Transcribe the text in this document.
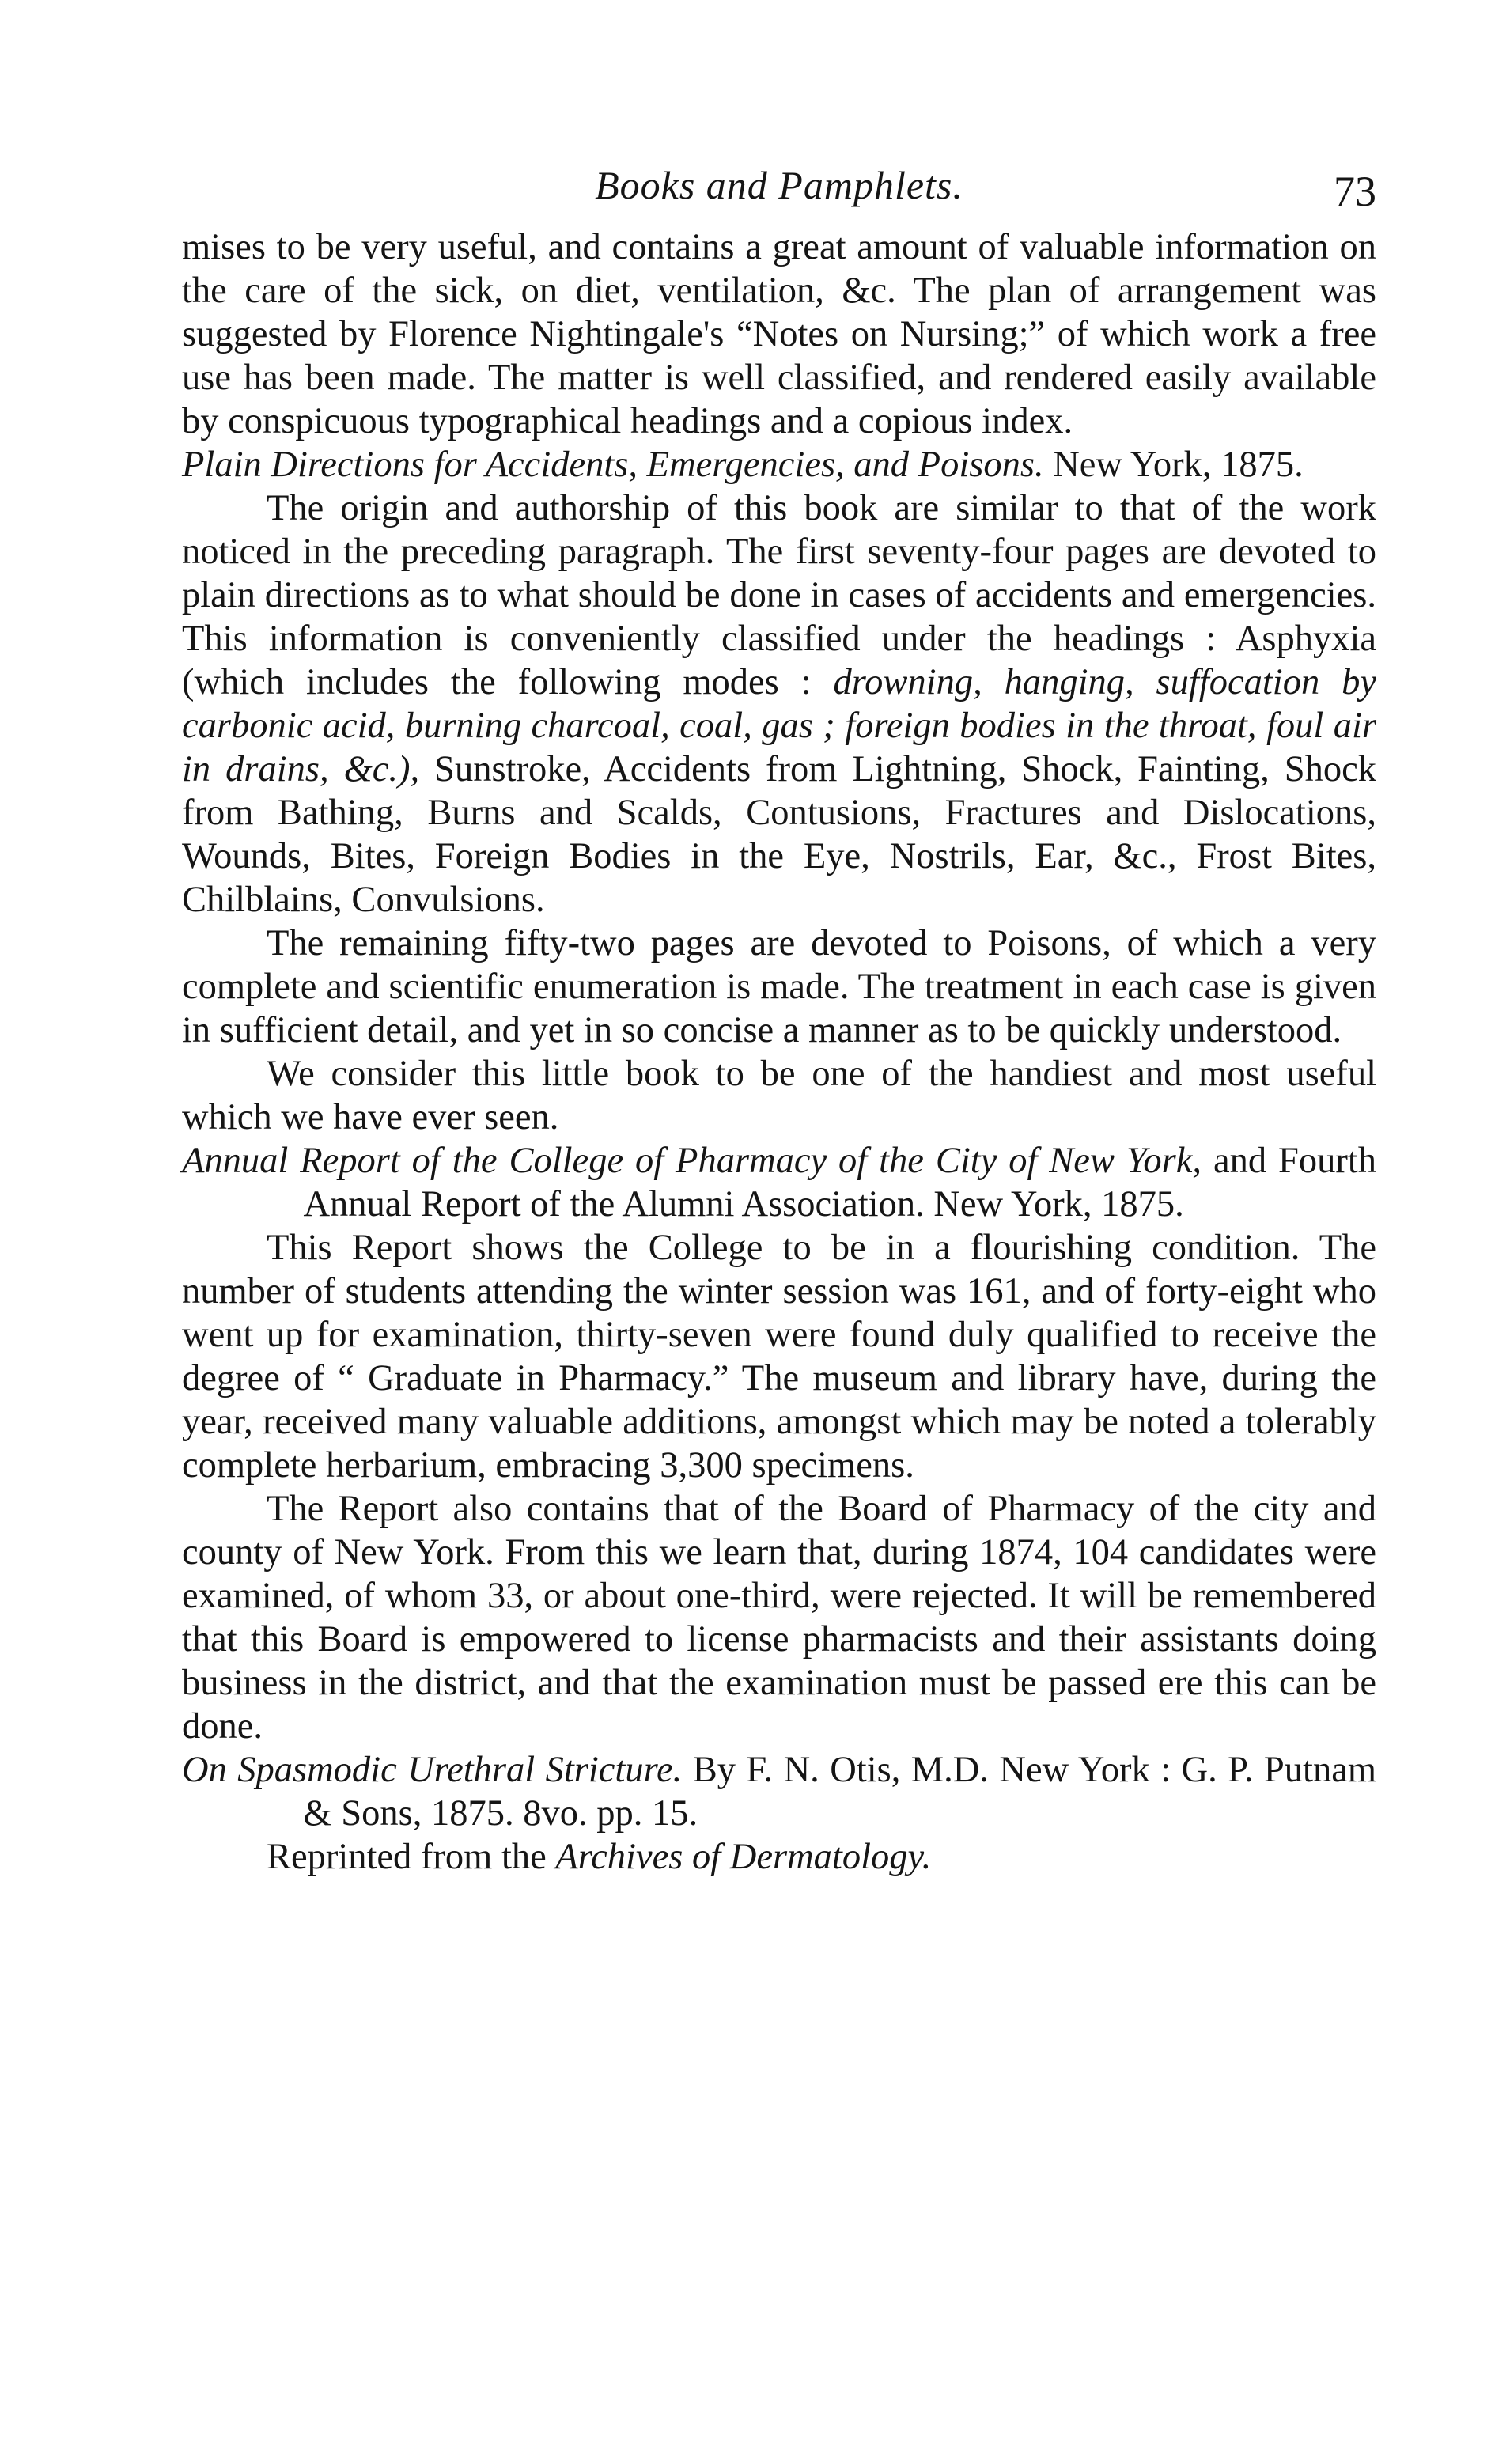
Books and Pamphlets.	73

mises to be very useful, and contains a great amount of valuable information on the care of the sick, on diet, ventilation, &c. The plan of arrangement was suggested by Florence Nightingale's “Notes on Nursing;” of which work a free use has been made. The matter is well classified, and rendered easily available by conspicuous typographical headings and a copious index.

Plain Directions for Accidents, Emergencies, and Poisons. New York, 1875.

The origin and authorship of this book are similar to that of the work noticed in the preceding paragraph. The first seventy-four pages are devoted to plain directions as to what should be done in cases of accidents and emergencies. This information is conveniently classified under the headings : Asphyxia (which includes the following modes : drowning, hanging, suffocation by carbonic acid, burning charcoal, coal, gas ; foreign bodies in the throat, foul air in drains, &c.), Sunstroke, Accidents from Lightning, Shock, Fainting, Shock from Bathing, Burns and Scalds, Contusions, Fractures and Dislocations, Wounds, Bites, Foreign Bodies in the Eye, Nostrils, Ear, &c., Frost Bites, Chilblains, Convulsions.

The remaining fifty-two pages are devoted to Poisons, of which a very complete and scientific enumeration is made. The treatment in each case is given in sufficient detail, and yet in so concise a manner as to be quickly understood.

We consider this little book to be one of the handiest and most useful which we have ever seen.

Annual Report of the College of Pharmacy of the City of New York, and Fourth Annual Report of the Alumni Association. New York, 1875.

This Report shows the College to be in a flourishing condition. The number of students attending the winter session was 161, and of forty-eight who went up for examination, thirty-seven were found duly qualified to receive the degree of “ Graduate in Pharmacy.” The museum and library have, during the year, received many valuable additions, amongst which may be noted a tolerably complete herbarium, embracing 3,300 specimens.

The Report also contains that of the Board of Pharmacy of the city and county of New York. From this we learn that, during 1874, 104 candidates were examined, of whom 33, or about one-third, were rejected. It will be remembered that this Board is empowered to license pharmacists and their assistants doing business in the district, and that the examination must be passed ere this can be done.

On Spasmodic Urethral Stricture. By F. N. Otis, M.D. New York : G. P. Putnam & Sons, 1875. 8vo. pp. 15.

Reprinted from the Archives of Dermatology.
